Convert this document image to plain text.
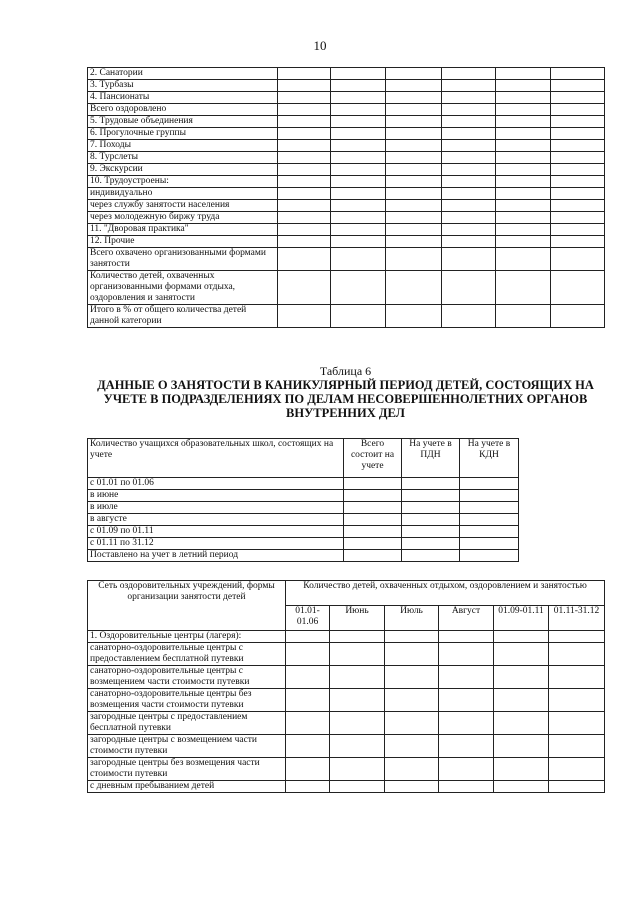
10
2. Санатории						
3. Турбазы						
4. Пансионаты						
Всего оздоровлено						
5. Трудовые объединения						
6. Прогулочные группы						
7. Походы						
8. Турслеты						
9. Экскурсии						
10. Трудоустроены:						
индивидуально						
через службу занятости населения						
через молодежную биржу труда						
11. "Дворовая практика"						
12. Прочие						
Всего охвачено организованными формами занятости						
Количество детей, охваченных организованными формами отдыха, оздоровления и занятости						
Итого в % от общего количества детей данной категории						
Таблица 6
ДАННЫЕ О ЗАНЯТОСТИ В КАНИКУЛЯРНЫЙ ПЕРИОД ДЕТЕЙ, СОСТОЯЩИХ НА УЧЕТЕ В ПОДРАЗДЕЛЕНИЯХ ПО ДЕЛАМ НЕСОВЕРШЕННОЛЕТНИХ ОРГАНОВ ВНУТРЕННИХ ДЕЛ
Количество учащихся образовательных школ, состоящих на учете	Всего состоит на учете	На учете в ПДН	На учете в КДН
с 01.01 по 01.06			
в июне			
в июле			
в августе			
с 01.09 по 01.11			
с 01.11 по 31.12			
Поставлено на учет в летний период			
Сеть оздоровительных учреждений, формы организации занятости детей	Количество детей, охваченных отдыхом, оздоровлением и занятостью					
	01.01-01.06	Июнь	Июль	Август	01.09-01.11	01.11-31.12
1. Оздоровительные центры (лагеря):						
санаторно-оздоровительные центры с предоставлением бесплатной путевки						
санаторно-оздоровительные центры с возмещением части стоимости путевки						
санаторно-оздоровительные центры без возмещения части стоимости путевки						
загородные центры с предоставлением бесплатной путевки						
загородные центры с возмещением части стоимости путевки						
загородные центры без возмещения части стоимости путевки						
с дневным пребыванием детей						
